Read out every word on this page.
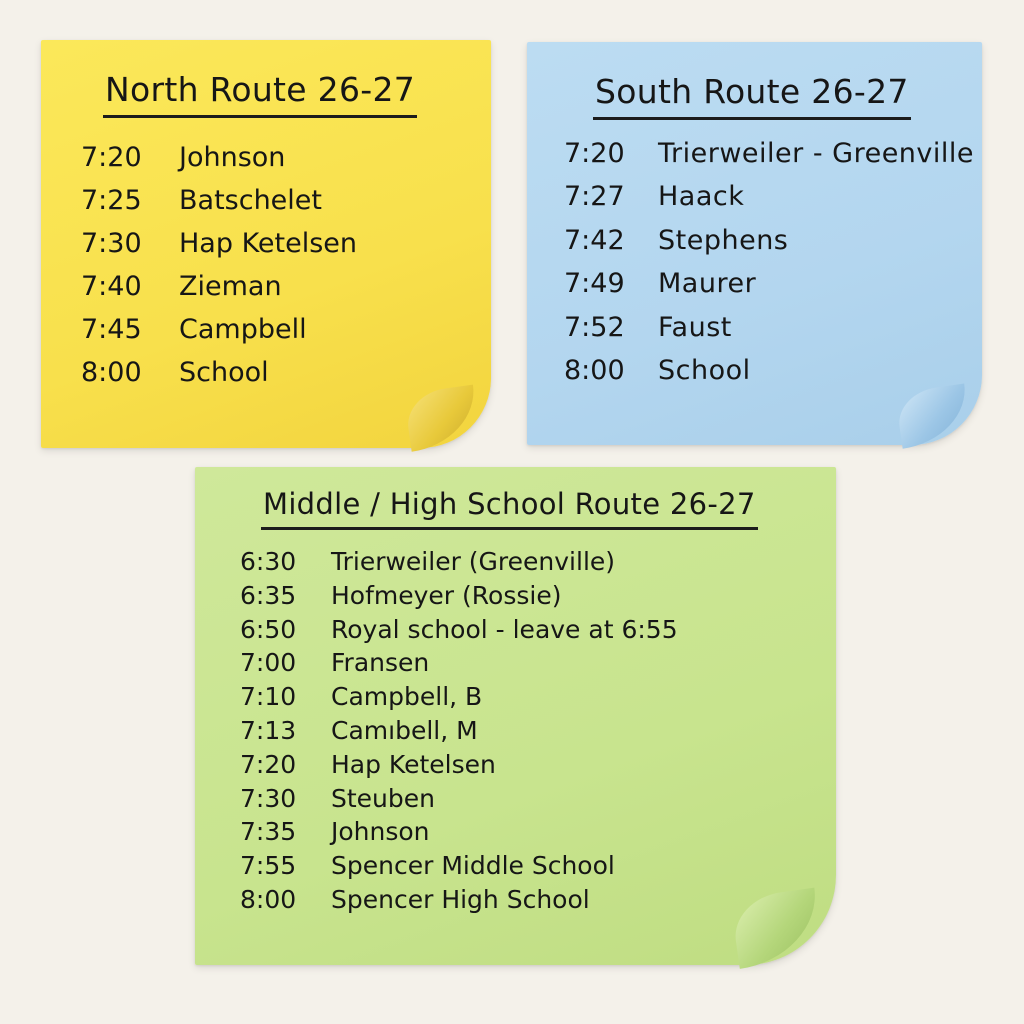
North Route 26-27
7:20	Johnson
7:25	Batschelet
7:30	Hap Ketelsen
7:40	Zieman
7:45	Campbell
8:00	School
South Route 26-27
7:20	Trierweiler - Greenville
7:27	Haack
7:42	Stephens
7:49	Maurer
7:52	Faust
8:00	School
Middle / High School Route 26-27
6:30	Trierweiler (Greenville)
6:35	Hofmeyer (Rossie)
6:50	Royal school - leave at 6:55
7:00	Fransen
7:10	Campbell, B
7:13	Camıbell, M
7:20	Hap Ketelsen
7:30	Steuben
7:35	Johnson
7:55	Spencer Middle School
8:00	Spencer High School
